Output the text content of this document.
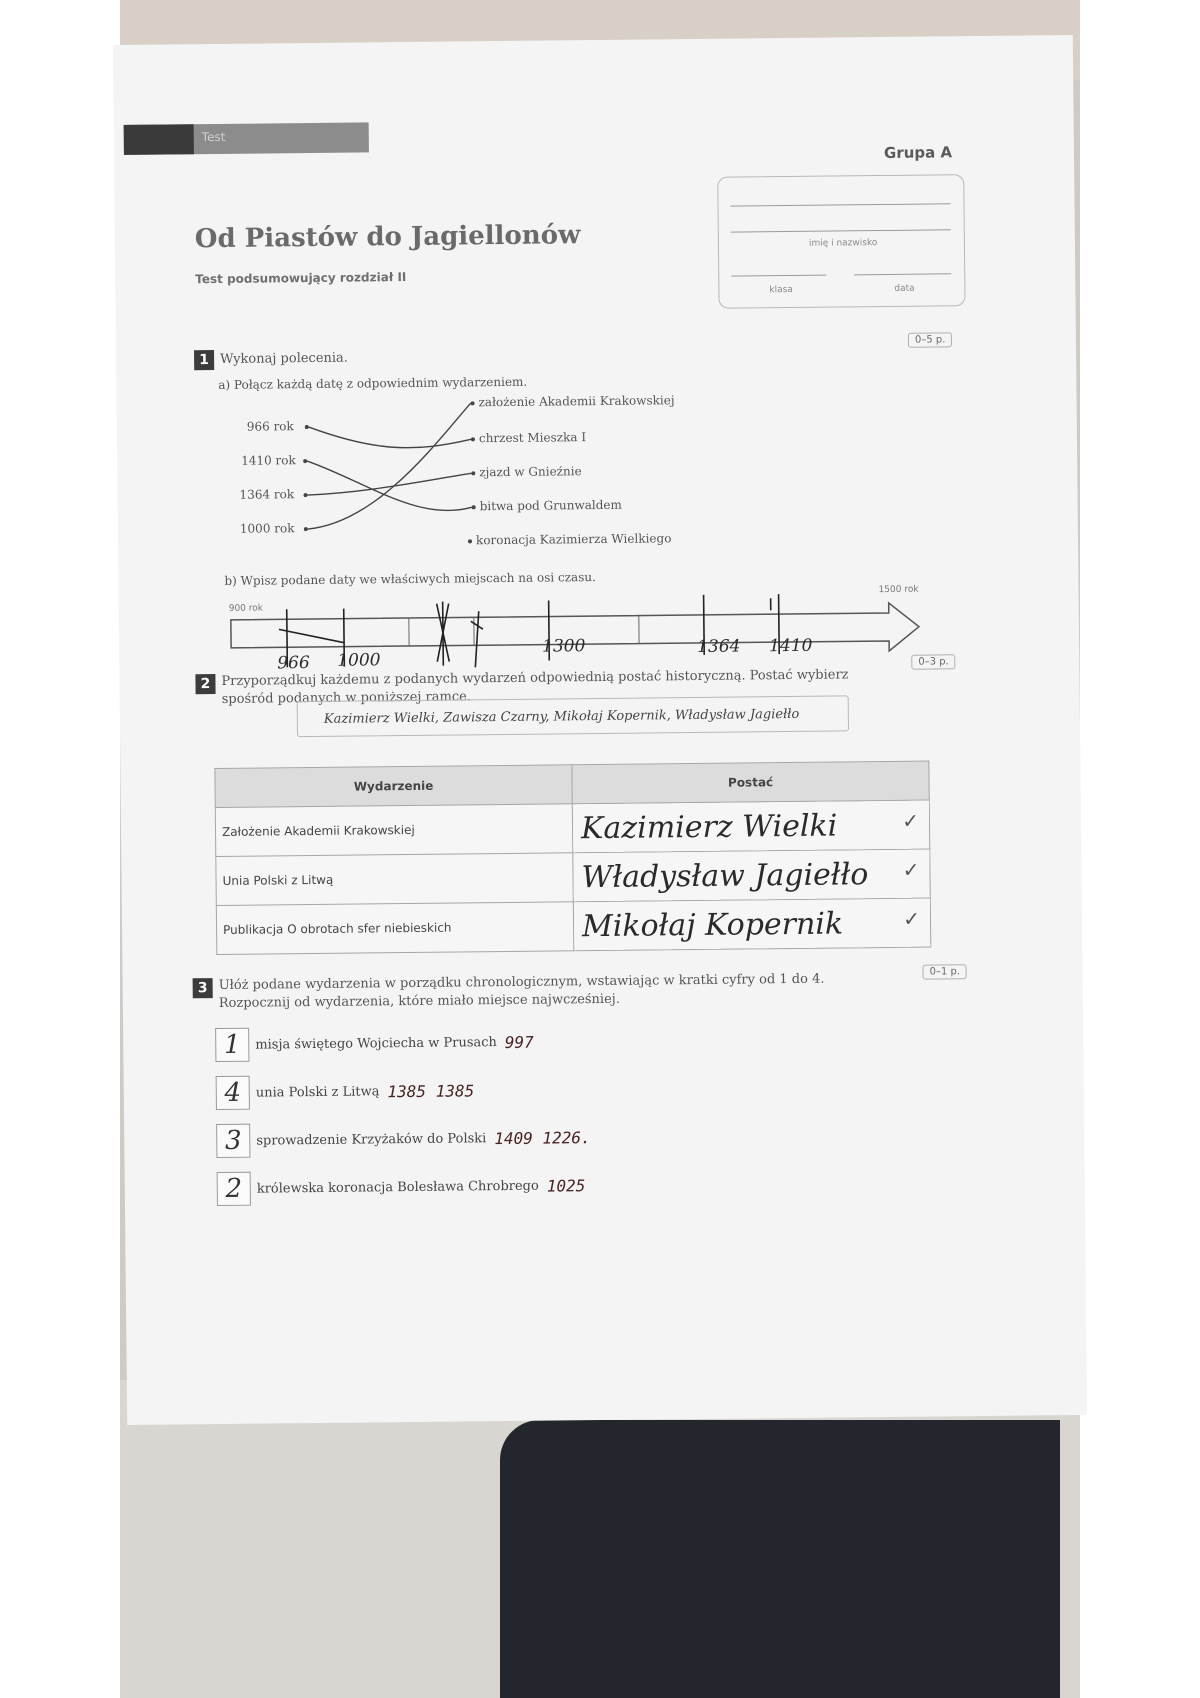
Test
Grupa A
Od Piastów do Jagiellonów
Test podsumowujący rozdział II
imię i nazwisko
klasa	data
0–5 p.
1 Wykonaj polecenia.
a) Połącz każdą datę z odpowiednim wydarzeniem.
966 rok
1410 rok
1364 rok
1000 rok
założenie Akademii Krakowskiej
chrzest Mieszka I
zjazd w Gnieźnie
bitwa pod Grunwaldem
koronacja Kazimierza Wielkiego
b) Wpisz podane daty we właściwych miejscach na osi czasu.
900 rok
1500 rok
966 1000
1300	1364 1410
0–3 p.
2 Przyporządkuj każdemu z podanych wydarzeń odpowiednią postać historyczną. Postać wybierz
spośród podanych w poniższej ramce.
Kazimierz Wielki, Zawisza Czarny, Mikołaj Kopernik, Władysław Jagiełło
Wydarzenie	Postać
Założenie Akademii Krakowskiej	Kazimierz Wielki ✓

Unia Polski z Litwą	Władysław Jagiełło ✓

Publikacja O obrotach sfer niebieskich	Mikołaj Kopernik ✓
0–1 p.
3 Ułóż podane wydarzenia w porządku chronologicznym, wstawiając w kratki cyfry od 1 do 4.
Rozpocznij od wydarzenia, które miało miejsce najwcześniej.
1	misja świętego Wojciecha w Prusach 997
4	unia Polski z Litwą 1385 1385
3	sprowadzenie Krzyżaków do Polski 1409 1226.
2	królewska koronacja Bolesława Chrobrego 1025
